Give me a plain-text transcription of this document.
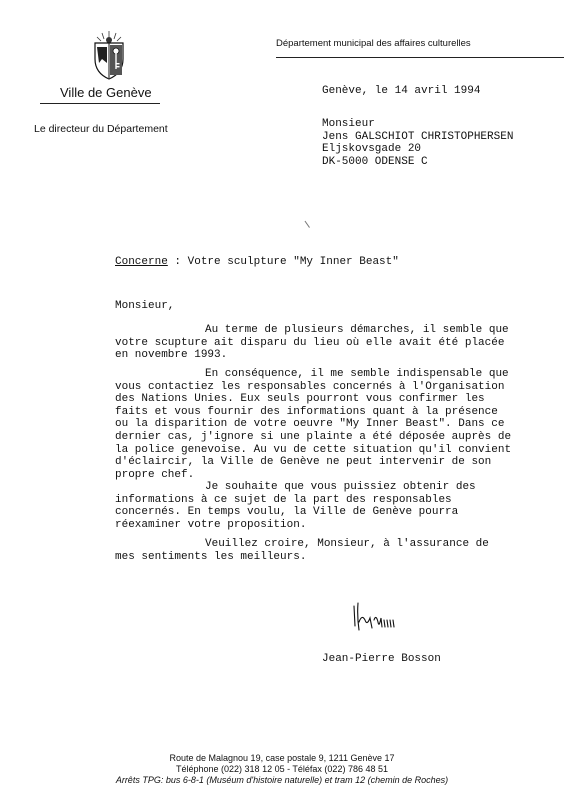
Département municipal des affaires culturelles
Ville de Genève
Le directeur du Département
Genève, le 14 avril 1994
Monsieur
Jens GALSCHIOT CHRISTOPHERSEN
Eljskovsgade 20
DK-5000 ODENSE C
Concerne : Votre sculpture "My Inner Beast"
Monsieur,
Au terme de plusieurs démarches, il semble que
votre scupture ait disparu du lieu où elle avait été placée
en novembre 1993.
En conséquence, il me semble indispensable que
vous contactiez les responsables concernés à l'Organisation
des Nations Unies. Eux seuls pourront vous confirmer les
faits et vous fournir des informations quant à la présence
ou la disparition de votre oeuvre "My Inner Beast". Dans ce
dernier cas, j'ignore si une plainte a été déposée auprès de
la police genevoise. Au vu de cette situation qu'il convient
d'éclaircir, la Ville de Genève ne peut intervenir de son
propre chef.
Je souhaite que vous puissiez obtenir des
informations à ce sujet de la part des responsables
concernés. En temps voulu, la Ville de Genève pourra
réexaminer votre proposition.
Veuillez croire, Monsieur, à l'assurance de
mes sentiments les meilleurs.
Jean-Pierre Bosson
Route de Malagnou 19, case postale 9, 1211 Genève 17
Téléphone (022) 318 12 05 - Téléfax (022) 786 48 51
Arrêts TPG: bus 6-8-1 (Muséum d'histoire naturelle) et tram 12 (chemin de Roches)
